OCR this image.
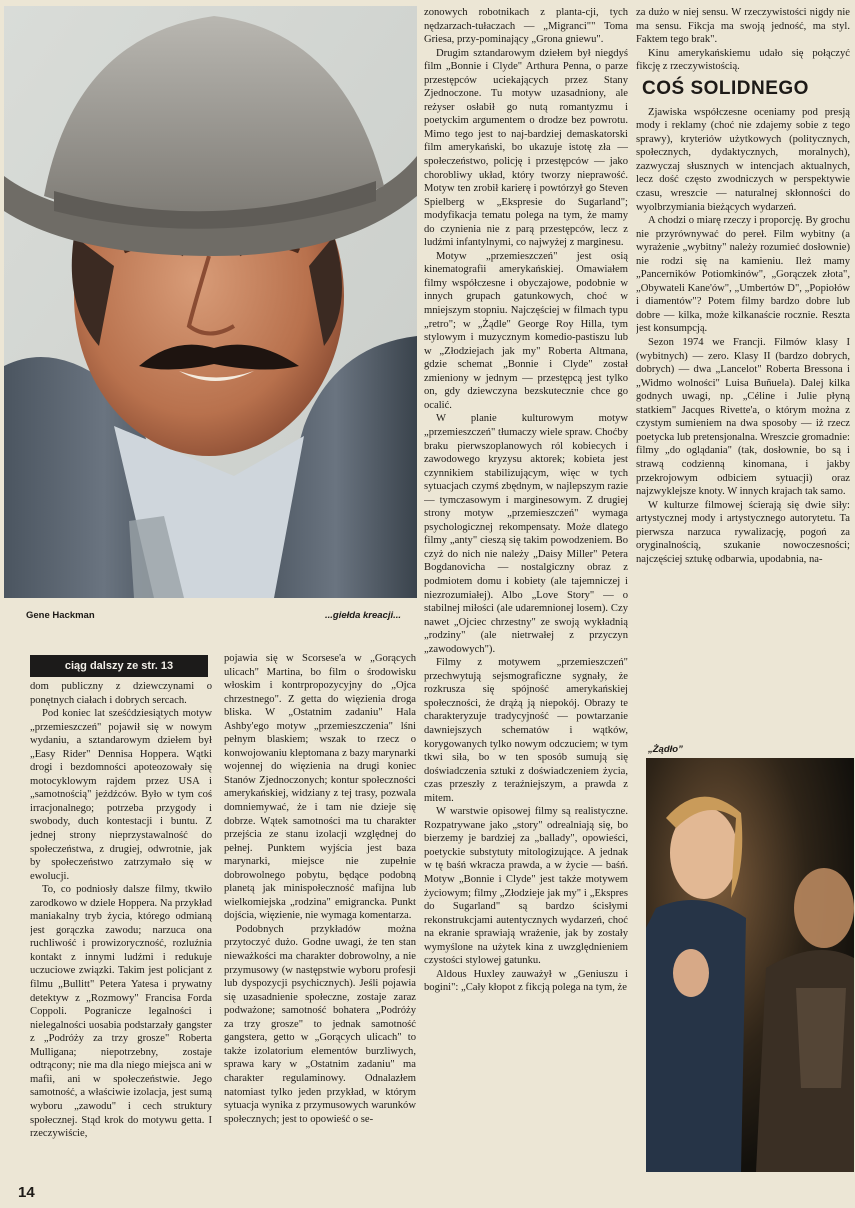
Gene Hackman	...giełda kreacji...
ciąg dalszy ze str. 13

zonowych robotnikach z planta-cji, tych nędzarzach-tułaczach — „Migranci"" Toma Griesa, przy-pominający „Grona gniewu".

Drugim sztandarowym dziełem był niegdyś film „Bonnie i Clyde" Arthura Penna, o parze przestępców uciekających przez Stany Zjednoczone. Tu motyw uzasadniony, ale reżyser osłabił go nutą romantyzmu i poetyckim argumentem o drodze bez powrotu. Mimo tego jest to naj-bardziej demaskatorski film amerykański, bo ukazuje istotę zła — społeczeństwo, policję i przestępców — jako chorobliwy układ, który tworzy nieprawość. Motyw ten zrobił karierę i powtórzył go Steven Spielberg w „Ekspresie do Sugarland"; modyfikacja tematu polega na tym, że mamy do czynienia nie z parą przestępców, lecz z ludźmi infantylnymi, co najwyżej z marginesu.

Motyw „przemieszczeń" jest osią kinematografii amerykańskiej. Omawiałem filmy współczesne i obyczajowe, podobnie w innych grupach gatunkowych, choć w mniejszym stopniu. Najczęściej w filmach typu „retro"; w „Żądle" George Roy Hilla, tym stylowym i muzycznym komedio-pastiszu lub w „Złodziejach jak my" Roberta Altmana, gdzie schemat „Bonnie i Clyde" został zmieniony w jednym — przestępcą jest tylko on, gdy dziewczyna bezskutecznie chce go ocalić.

W planie kulturowym motyw „przemieszczeń" tłumaczy wiele spraw. Choćby braku pierwszoplanowych ról kobiecych i zawodowego kryzysu aktorek; kobieta jest czynnikiem stabilizującym, więc w tych sytuacjach czymś zbędnym, w najlepszym razie — tymczasowym i marginesowym. Z drugiej strony motyw „przemieszczeń" wymaga psychologicznej rekompensaty. Może dlatego filmy „anty" cieszą się takim powodzeniem. Bo czyż do nich nie należy „Daisy Miller" Petera Bogdanovicha — nostalgiczny obraz z podmiotem domu i kobiety (ale tajemniczej i niezrozumiałej). Albo „Love Story" — o stabilnej miłości (ale udaremnionej losem). Czy nawet „Ojciec chrzestny" ze swoją wykładnią „rodziny" (ale nietrwałej z przyczyn „zawodowych").

Filmy z motywem „przemieszczeń" przechwytują sejsmograficzne sygnały, że rozkrusza się spójność amerykańskiej społeczności, że drążą ją niepokój. Obrazy te charakteryzuje tradycyjność — powtarzanie dawniejszych schematów i wątków, korygowanych tylko nowym odczuciem; w tym tkwi siła, bo w ten sposób sumują się doświadczenia sztuki z doświadczeniem życia, czas przeszły z teraźniejszym, a prawda z mitem.

W warstwie opisowej filmy są realistyczne. Rozpatrywane jako „story" odrealniają się, bo bierzemy je bardziej za „ballady", opowieści, poetyckie substytuty mitologizujące. A jednak w tę baśń wkracza prawda, a w życie — baśń. Motyw „Bonnie i Clyde" jest także motywem życiowym; filmy „Złodzieje jak my" i „Ekspres do Sugarland" są bardzo ścisłymi rekonstrukcjami autentycznych wydarzeń, choć na ekranie sprawiają wrażenie, jak by zostały wymyślone na użytek kina z uwzględnieniem czystości stylowej gatunku.

Aldous Huxley zauważył w „Geniuszu i bogini": „Cały kłopot z fikcją polega na tym, że

za dużo w niej sensu. W rzeczywistości nigdy nie ma sensu. Fikcja ma swoją jedność, ma styl. Faktem tego brak".

Kinu amerykańskiemu udało się połączyć fikcję z rzeczywistością.

COŚ SOLIDNEGO

Zjawiska współczesne oceniamy pod presją mody i reklamy (choć nie zdajemy sobie z tego sprawy), kryteriów użytkowych (politycznych, społecznych, dydaktycznych, moralnych), zazwyczaj słusznych w intencjach aktualnych, lecz dość często zwodniczych w perspektywie czasu, wreszcie — naturalnej skłonności do wyolbrzymiania bieżących wydarzeń.

A chodzi o miarę rzeczy i proporcję. By grochu nie przyrównywać do pereł. Film wybitny (a wyrażenie „wybitny" należy rozumieć dosłownie) nie rodzi się na kamieniu. Ileż mamy „Pancerników Potiomkinów", „Gorączek złota", „Obywateli Kane'ów", „Umbertów D", „Popiołów i diamentów"? Potem filmy bardzo dobre lub dobre — kilka, może kilkanaście rocznie. Reszta jest konsumpcją.

Sezon 1974 we Francji. Filmów klasy I (wybitnych) — zero. Klasy II (bardzo dobrych, dobrych) — dwa „Lancelot" Roberta Bressona i „Widmo wolności" Luisa Buñuela). Dalej kilka godnych uwagi, np. „Céline i Julie płyną statkiem" Jacques Rivette'a, o którym można z czystym sumieniem na dwa sposoby — iż rzecz poetycka lub pretensjonalna. Wreszcie gromadnie: filmy „do oglądania" (tak, dosłownie, bo są i strawą codzienną kinomana, i jakby przekrojowym odbiciem sytuacji) oraz najzwyklejsze knoty. W innych krajach tak samo.

W kulturze filmowej ścierają się dwie siły: artystycznej mody i artystycznego autorytetu. Ta pierwsza narzuca rywalizację, pogoń za oryginalnością, szukanie nowoczesności; najczęściej sztukę odbarwia, upodabnia, na-

„Żądło”

dom publiczny z dziewczynami o ponętnych ciałach i dobrych sercach.

Pod koniec lat sześćdziesiątych motyw „przemieszczeń" pojawił się w nowym wydaniu, a sztandarowym dziełem był „Easy Rider" Dennisa Hoppera. Wątki drogi i bezdomności apoteozowały się motocyklowym rajdem przez USA i „samotnością" jeźdźców. Było w tym coś irracjonalnego; potrzeba przygody i swobody, duch kontestacji i buntu. Z jednej strony nieprzystawalność do społeczeństwa, z drugiej, odwrotnie, jak by społeczeństwo zatrzymało się w ewolucji.

To, co podniosły dalsze filmy, tkwiło zarodkowo w dziele Hoppera. Na przykład maniakalny tryb życia, którego odmianą jest gorączka zawodu; narzuca ona ruchliwość i prowizoryczność, rozluźnia kontakt z innymi ludźmi i redukuje uczuciowe związki. Takim jest policjant z filmu „Bullitt" Petera Yatesa i prywatny detektyw z „Rozmowy" Francisa Forda Coppoli. Pogranicze legalności i nielegalności uosabia podstarzały gangster z „Podróży za trzy grosze" Roberta Mulligana; niepotrzebny, zostaje odtrącony; nie ma dla niego miejsca ani w mafii, ani w społeczeństwie. Jego samotność, a właściwie izolacja, jest sumą wyboru „zawodu" i cech struktury społecznej. Stąd krok do motywu getta. I rzeczywiście,

pojawia się w Scorsese'a w „Gorących ulicach" Martina, bo film o środowisku włoskim i kontrpropozycyjny do „Ojca chrzestnego". Z getta do więzienia droga bliska. W „Ostatnim zadaniu" Hala Ashby'ego motyw „przemieszczenia" lśni pełnym blaskiem; wszak to rzecz o konwojowaniu kleptomana z bazy marynarki wojennej do więzienia na drugi koniec Stanów Zjednoczonych; kontur społeczności amerykańskiej, widziany z tej trasy, pozwala domniemywać, że i tam nie dzieje się dobrze. Wątek samotności ma tu charakter przejścia ze stanu izolacji względnej do pełnej. Punktem wyjścia jest baza marynarki, miejsce nie zupełnie dobrowolnego pobytu, będące podobną planetą jak minispołeczność mafijna lub wielkomiejska „rodzina" emigrancka. Punkt dojścia, więzienie, nie wymaga komentarza.

Podobnych przykładów można przytoczyć dużo. Godne uwagi, że ten stan nieważkości ma charakter dobrowolny, a nie przymusowy (w następstwie wyboru profesji lub dyspozycji psychicznych). Jeśli pojawia się uzasadnienie społeczne, zostaje zaraz podważone; samotność bohatera „Podróży za trzy grosze" to jednak samotność gangstera, getto w „Gorących ulicach" to także izolatorium elementów burzliwych, sprawa kary w „Ostatnim zadaniu" ma charakter regulaminowy. Odnalazłem natomiast tylko jeden przykład, w którym sytuacja wynika z przymusowych warunków społecznych; jest to opowieść o se-

14
